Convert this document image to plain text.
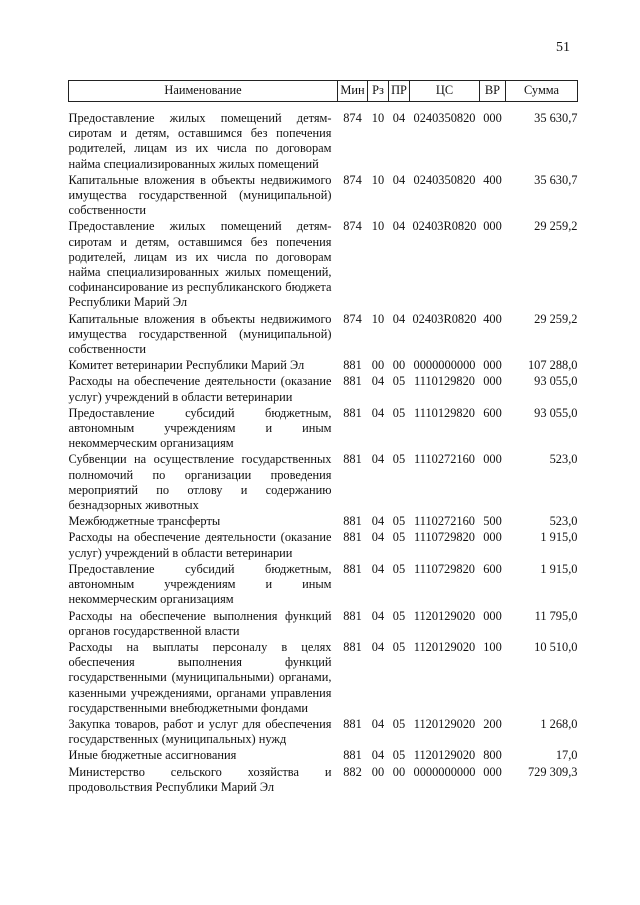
51
Наименование	Мин	Рз	ПР	ЦС	ВР	Сумма
Предоставление жилых помещений детям-сиротам и детям, оставшимся без попечения родителей, лицам из их числа по договорам найма специализированных жилых помещений	874	10	04	0240350820	000	35 630,7
Капитальные вложения в объекты недвижимого имущества государственной (муниципальной) собственности	874	10	04	0240350820	400	35 630,7
Предоставление жилых помещений детям-сиротам и детям, оставшимся без попечения родителей, лицам из их числа по договорам найма специализированных жилых помещений, софинансирование из республиканского бюджета Республики Марий Эл	874	10	04	02403R0820	000	29 259,2
Капитальные вложения в объекты недвижимого имущества государственной (муниципальной) собственности	874	10	04	02403R0820	400	29 259,2
Комитет ветеринарии Республики Марий Эл	881	00	00	0000000000	000	107 288,0
Расходы на обеспечение деятельности (оказание услуг) учреждений в области ветеринарии	881	04	05	1110129820	000	93 055,0
Предоставление субсидий бюджетным, автономным учреждениям и иным некоммерческим организациям	881	04	05	1110129820	600	93 055,0
Субвенции на осуществление государственных полномочий по организации проведения мероприятий по отлову и содержанию безнадзорных животных	881	04	05	1110272160	000	523,0
Межбюджетные трансферты	881	04	05	1110272160	500	523,0
Расходы на обеспечение деятельности (оказание услуг) учреждений в области ветеринарии	881	04	05	1110729820	000	1 915,0
Предоставление субсидий бюджетным, автономным учреждениям и иным некоммерческим организациям	881	04	05	1110729820	600	1 915,0
Расходы на обеспечение выполнения функций органов государственной власти	881	04	05	1120129020	000	11 795,0
Расходы на выплаты персоналу в целях обеспечения выполнения функций государственными (муниципальными) органами, казенными учреждениями, органами управления государственными внебюджетными фондами	881	04	05	1120129020	100	10 510,0
Закупка товаров, работ и услуг для обеспечения государственных (муниципальных) нужд	881	04	05	1120129020	200	1 268,0
Иные бюджетные ассигнования	881	04	05	1120129020	800	17,0
Министерство сельского хозяйства и продовольствия Республики Марий Эл	882	00	00	0000000000	000	729 309,3
